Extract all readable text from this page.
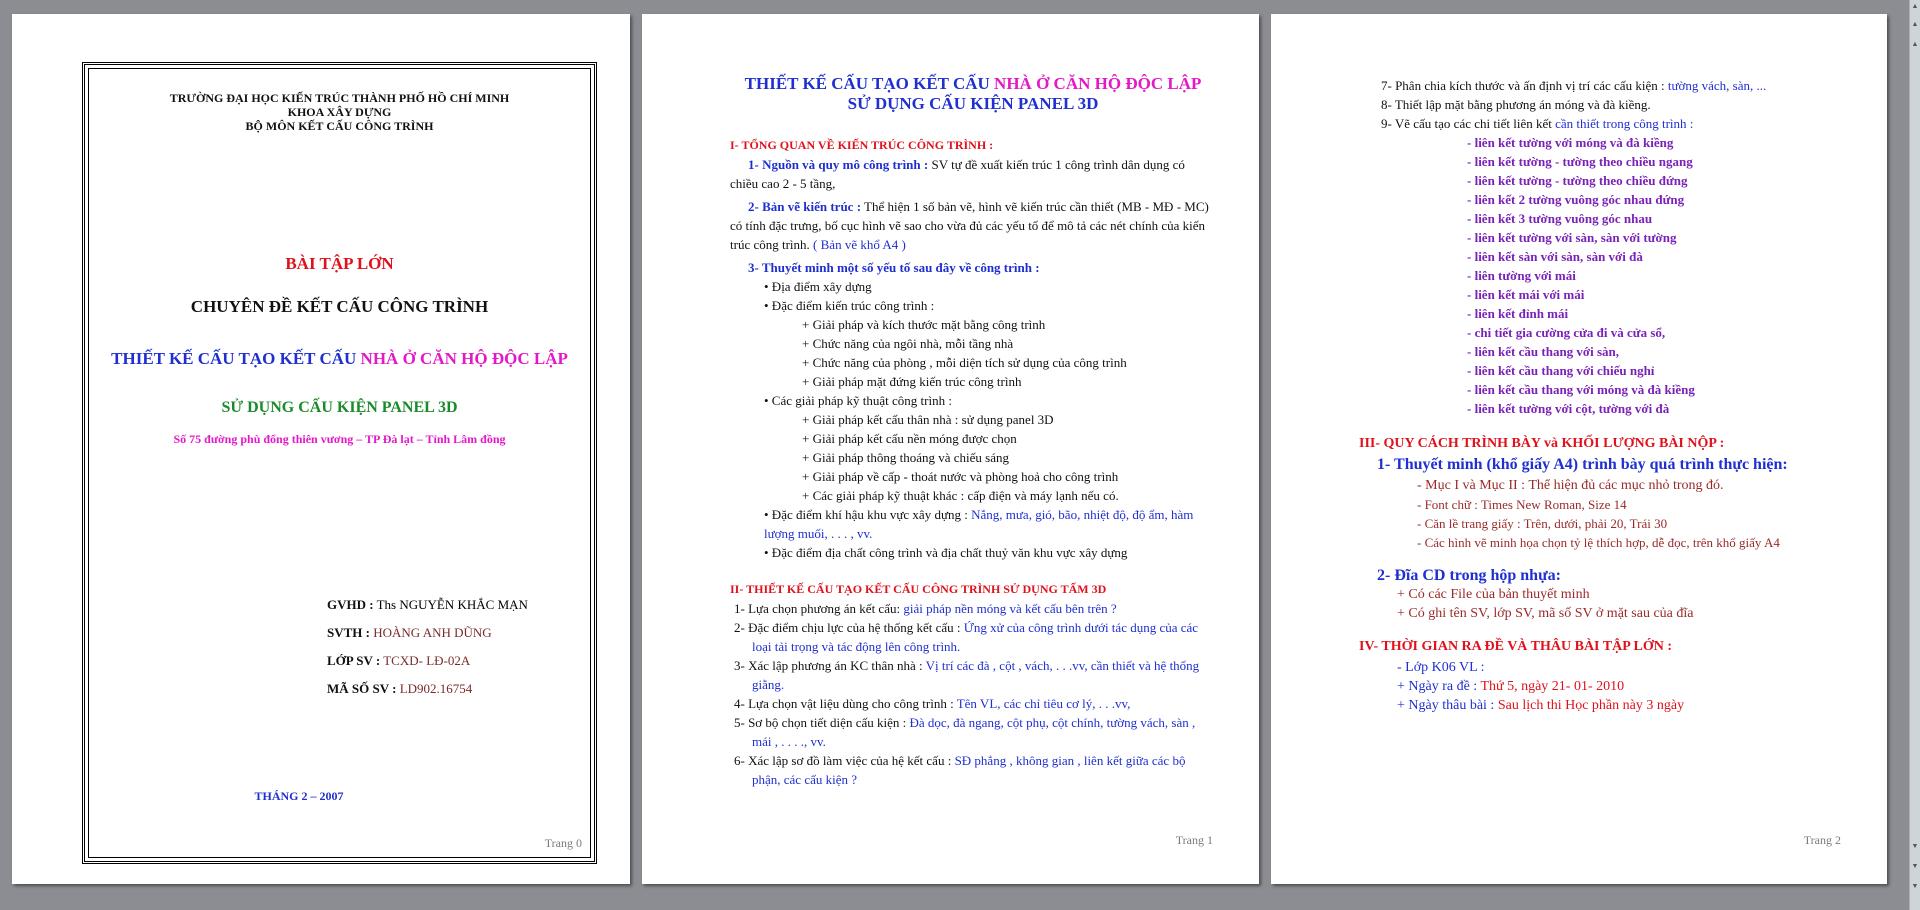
TRƯỜNG ĐẠI HỌC KIẾN TRÚC THÀNH PHỐ HỒ CHÍ MINH
KHOA XÂY DỰNG
BỘ MÔN KẾT CẤU CÔNG TRÌNH
BÀI TẬP LỚN
CHUYÊN ĐỀ KẾT CẤU CÔNG TRÌNH
THIẾT KẾ CẤU TẠO KẾT CẤU NHÀ Ở CĂN HỘ ĐỘC LẬP
SỬ DỤNG CẤU KIỆN PANEL 3D
Số 75 đường phù đổng thiên vương – TP Đà lạt – Tỉnh Lâm đồng
GVHD : Ths NGUYỄN KHẮC MẠN
SVTH : HOÀNG ANH DŨNG
LỚP SV : TCXD- LĐ-02A
MÃ SỐ SV : LD902.16754
THÁNG 2 – 2007
Trang 0
THIẾT KẾ CẤU TẠO KẾT CẤU NHÀ Ở CĂN HỘ ĐỘC LẬP
SỬ DỤNG CẤU KIỆN PANEL 3D
I- TỔNG QUAN VỀ KIẾN TRÚC CÔNG TRÌNH :
1- Nguồn và quy mô công trình : SV tự đề xuất kiến trúc 1 công trình dân dụng có chiều cao 2 - 5 tầng,
2- Bản vẽ kiến trúc : Thể hiện 1 số bản vẽ, hình vẽ kiến trúc cần thiết (MB - MĐ - MC) có tính đặc trưng, bố cục hình vẽ sao cho vừa đủ các yếu tố để mô tả các nét chính của kiến trúc công trình. ( Bản vẽ khổ A4 )
3- Thuyết minh một số yếu tố sau đây về công trình :
• Địa điểm xây dựng
• Đặc điểm kiến trúc công trình :
+ Giải pháp và kích thước mặt bằng công trình
+ Chức năng của ngôi nhà, mỗi tầng nhà
+ Chức năng của phòng , mỗi diện tích sử dụng của công trình
+ Giải pháp mặt đứng kiến trúc công trình
• Các giải pháp kỹ thuật công trình :
+ Giải pháp kết cấu thân nhà : sử dụng panel 3D
+ Giải pháp kết cấu nền móng được chọn
+ Giải pháp thông thoáng và chiếu sáng
+ Giải pháp về cấp - thoát nước và phòng hoả cho công trình
+ Các giải pháp kỹ thuật khác : cấp điện và máy lạnh nếu có.
• Đặc điểm khí hậu khu vực xây dựng : Nắng, mưa, gió, bão, nhiệt độ, độ ẩm, hàm lượng muối, . . . , vv.
• Đặc điểm địa chất công trình và địa chất thuỷ văn khu vực xây dựng
II- THIẾT KẾ CẤU TẠO KẾT CẤU CÔNG TRÌNH SỬ DỤNG TẤM 3D
1- Lựa chọn phương án kết cấu: giải pháp nền móng và kết cấu bên trên ?
2- Đặc điểm chịu lực của hệ thống kết cấu : Ứng xử của công trình dưới tác dụng của các loại tải trọng và tác động lên công trình.
3- Xác lập phương án KC thân nhà : Vị trí các đà , cột , vách, . . .vv, cần thiết và hệ thống giằng.
4- Lựa chọn vật liệu dùng cho công trình : Tên VL, các chỉ tiêu cơ lý, . . .vv,
5- Sơ bộ chọn tiết diện cấu kiện : Đà dọc, đà ngang, cột phụ, cột chính, tường vách, sàn , mái , . . . ., vv.
6- Xác lập sơ đồ làm việc của hệ kết cấu : SĐ phẳng , không gian , liên kết giữa các bộ phận, các cấu kiện ?
Trang 1
7- Phân chia kích thước và ấn định vị trí các cấu kiện : tường vách, sàn, ...
8- Thiết lập mặt bằng phương án móng và đà kiềng.
9- Vẽ cấu tạo các chi tiết liên kết cần thiết trong công trình :
- liên kết tường với móng và đà kiềng
- liên kết tường - tường theo chiều ngang
- liên kết tường - tường theo chiều đứng
- liên kết 2 tường vuông góc nhau đứng
- liên kết 3 tường vuông góc nhau
- liên kết tường với sàn, sàn với tường
- liên kết sàn với sàn, sàn với đà
- liên tường với mái
- liên kết mái với mái
- liên kết đỉnh mái
- chi tiết gia cường cửa đi và cửa sổ,
- liên kết cầu thang với sàn,
- liên kết cầu thang với chiếu nghỉ
- liên kết cầu thang với móng và đà kiềng
- liên kết tường với cột, tường với đà
III- QUY CÁCH TRÌNH BÀY và KHỐI LƯỢNG BÀI NỘP :
1- Thuyết minh (khổ giấy A4) trình bày quá trình thực hiện:
- Mục I và Mục II : Thể hiện đủ các mục nhỏ trong đó.
- Font chữ : Times New Roman, Size 14
- Căn lề trang giấy : Trên, dưới, phải 20, Trái 30
- Các hình vẽ minh họa chọn tỷ lệ thích hợp, dễ đọc, trên khổ giấy A4
2- Đĩa CD trong hộp nhựa:
+ Có các File của bản thuyết minh
+ Có ghi tên SV, lớp SV, mã số SV ở mặt sau của đĩa
IV- THỜI GIAN RA ĐỀ VÀ THÂU BÀI TẬP LỚN :
- Lớp K06 VL :
+ Ngày ra đề : Thứ 5, ngày 21- 01- 2010
+ Ngày thâu bài : Sau lịch thi Học phần này 3 ngày
Trang 2
▲
▲
▲
▼
▼
▼
